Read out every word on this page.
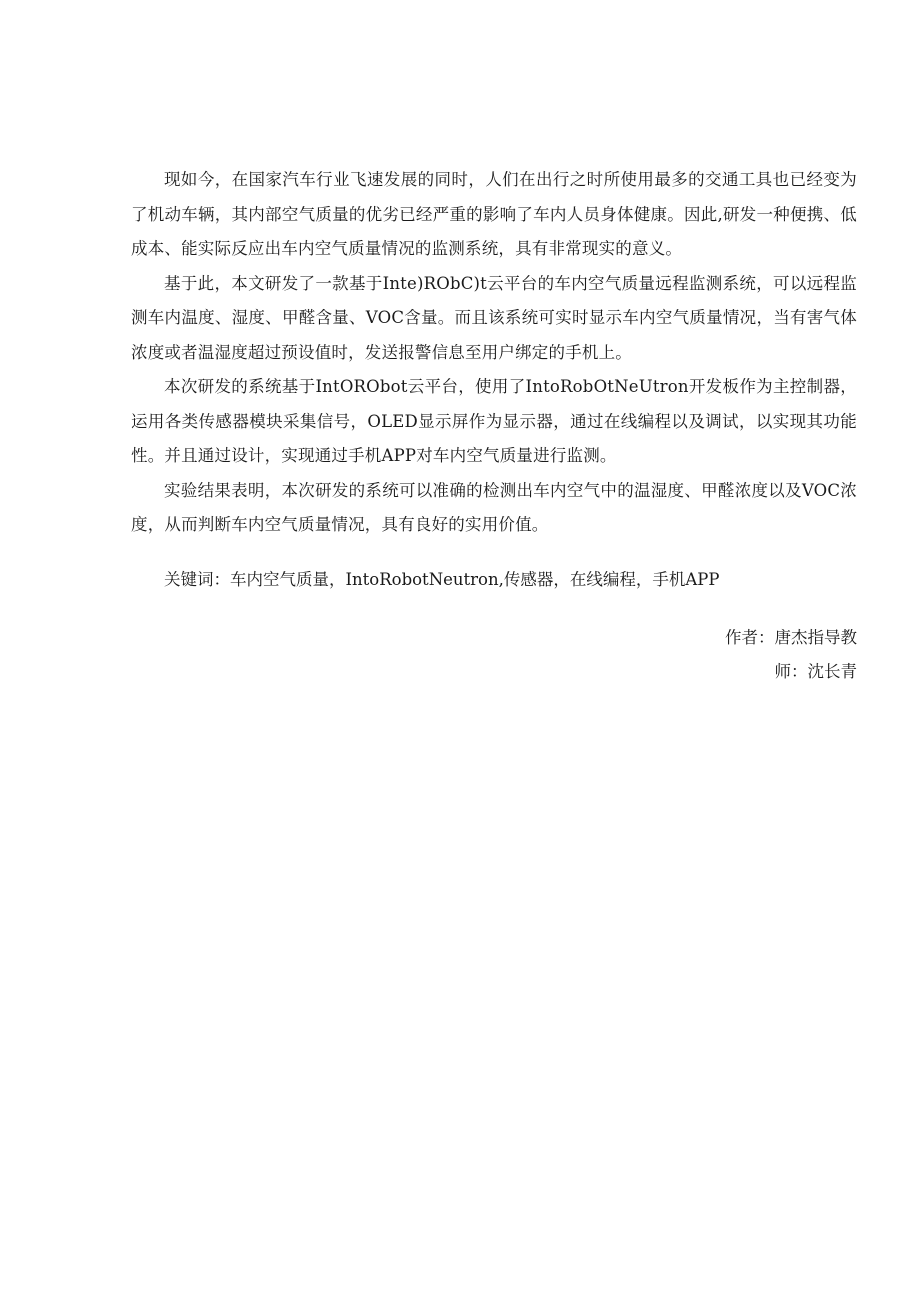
现如今，在国家汽车行业飞速发展的同时，人们在出行之时所使用最多的交通工具也已经变为了机动车辆，其内部空气质量的优劣已经严重的影响了车内人员身体健康。因此,研发一种便携、低成本、能实际反应出车内空气质量情况的监测系统，具有非常现实的意义。

基于此，本文研发了一款基于Inte)RObC)t云平台的车内空气质量远程监测系统，可以远程监测车内温度、湿度、甲醛含量、VOC含量。而且该系统可实时显示车内空气质量情况，当有害气体浓度或者温湿度超过预设值时，发送报警信息至用户绑定的手机上。

本次研发的系统基于IntORObot云平台，使用了IntoRobOtNeUtron开发板作为主控制器，运用各类传感器模块采集信号，OLED显示屏作为显示器，通过在线编程以及调试，以实现其功能性。并且通过设计，实现通过手机APP对车内空气质量进行监测。

实验结果表明，本次研发的系统可以准确的检测出车内空气中的温湿度、甲醛浓度以及VOC浓度，从而判断车内空气质量情况，具有良好的实用价值。

关键词：车内空气质量，IntoRobotNeutron,传感器，在线编程，手机APP

作者：唐杰指导教
师：沈长青
